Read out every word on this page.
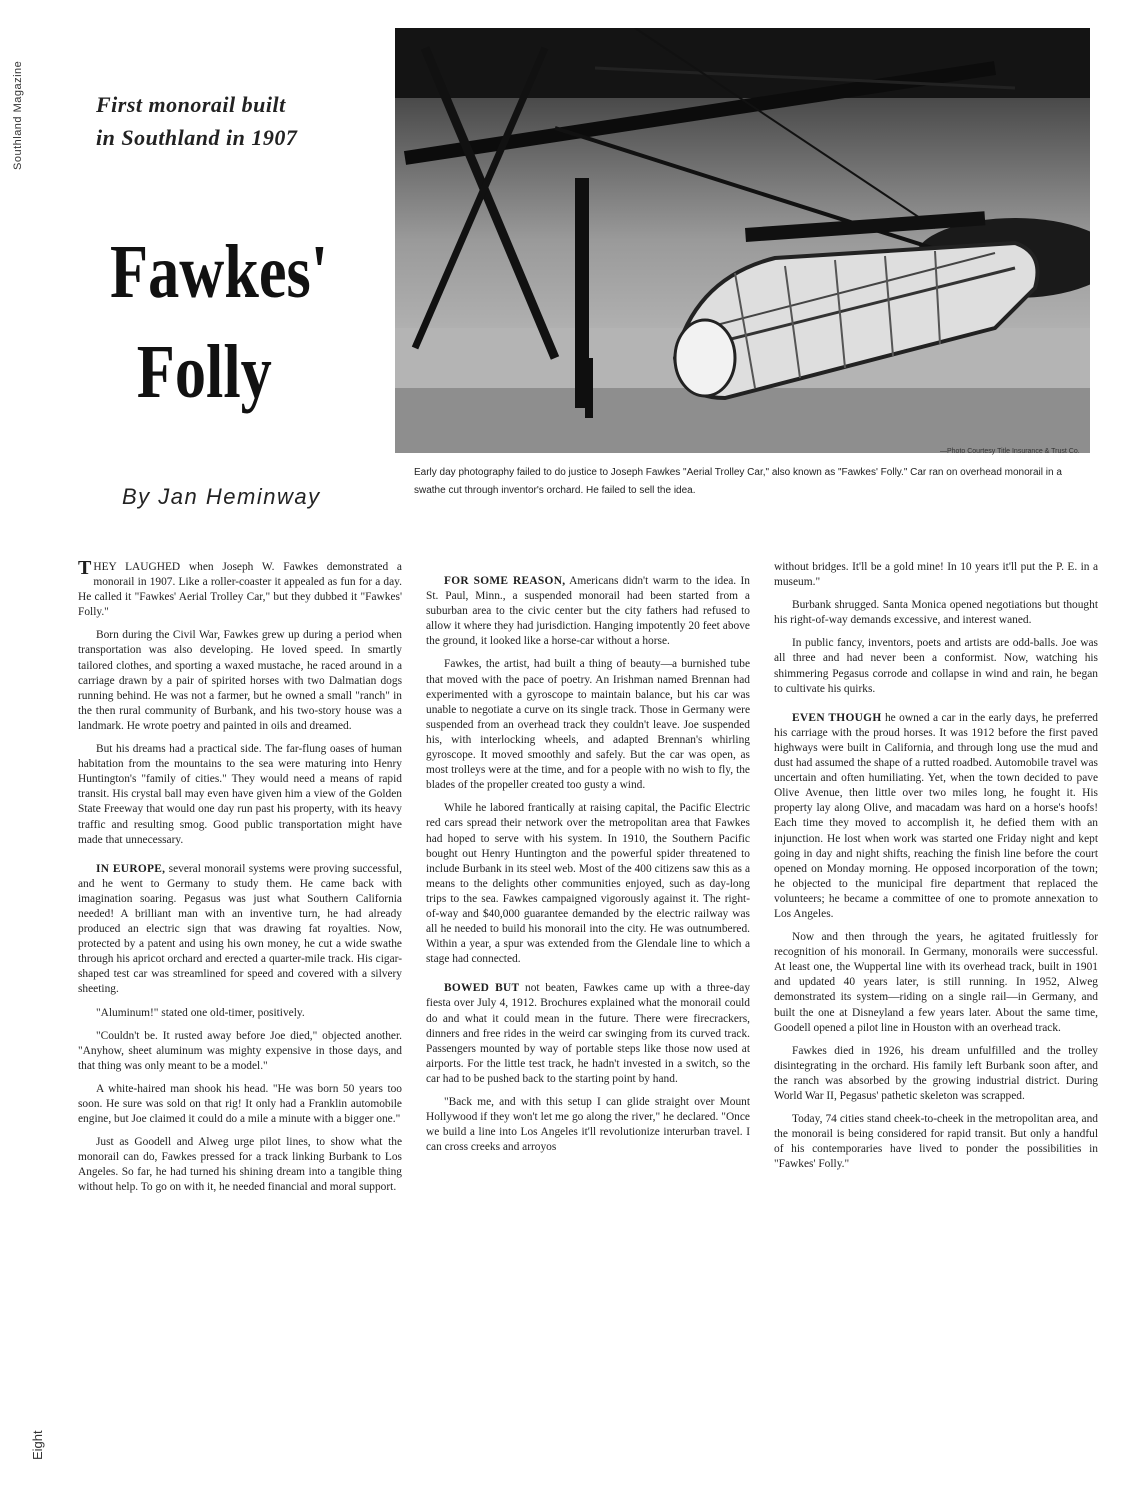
Southland Magazine	First monorail built
in Southland in 1907
Fawkes'
Folly
By Jan Heminway
—Photo Courtesy Title Insurance & Trust Co.
Early day photography failed to do justice to Joseph Fawkes "Aerial Trolley Car," also known as "Fawkes' Folly." Car ran on overhead monorail in a swathe cut through inventor's orchard. He failed to sell the idea.

THEY LAUGHED when Joseph W. Fawkes demonstrated a monorail in 1907. Like a roller-coaster it appealed as fun for a day. He called it "Fawkes' Aerial Trolley Car," but they dubbed it "Fawkes' Folly."

Born during the Civil War, Fawkes grew up during a period when transportation was also developing. He loved speed. In smartly tailored clothes, and sporting a waxed mustache, he raced around in a carriage drawn by a pair of spirited horses with two Dalmatian dogs running behind. He was not a farmer, but he owned a small "ranch" in the then rural community of Burbank, and his two-story house was a landmark. He wrote poetry and painted in oils and dreamed.

But his dreams had a practical side. The far-flung oases of human habitation from the mountains to the sea were maturing into Henry Huntington's "family of cities." They would need a means of rapid transit. His crystal ball may even have given him a view of the Golden State Freeway that would one day run past his property, with its heavy traffic and resulting smog. Good public transportation might have made that unnecessary.

IN EUROPE, several monorail systems were proving successful, and he went to Germany to study them. He came back with imagination soaring. Pegasus was just what Southern California needed! A brilliant man with an inventive turn, he had already produced an electric sign that was drawing fat royalties. Now, protected by a patent and using his own money, he cut a wide swathe through his apricot orchard and erected a quarter-mile track. His cigar-shaped test car was streamlined for speed and covered with a silvery sheeting.

"Aluminum!" stated one old-timer, positively.

"Couldn't be. It rusted away before Joe died," objected another. "Anyhow, sheet aluminum was mighty expensive in those days, and that thing was only meant to be a model."

A white-haired man shook his head. "He was born 50 years too soon. He sure was sold on that rig! It only had a Franklin automobile engine, but Joe claimed it could do a mile a minute with a bigger one."

Just as Goodell and Alweg urge pilot lines, to show what the monorail can do, Fawkes pressed for a track linking Burbank to Los Angeles. So far, he had turned his shining dream into a tangible thing without help. To go on with it, he needed financial and moral support.

FOR SOME REASON, Americans didn't warm to the idea. In St. Paul, Minn., a suspended monorail had been started from a suburban area to the civic center but the city fathers had refused to allow it where they had jurisdiction. Hanging impotently 20 feet above the ground, it looked like a horse-car without a horse.

Fawkes, the artist, had built a thing of beauty—a burnished tube that moved with the pace of poetry. An Irishman named Brennan had experimented with a gyroscope to maintain balance, but his car was unable to negotiate a curve on its single track. Those in Germany were suspended from an overhead track they couldn't leave. Joe suspended his, with interlocking wheels, and adapted Brennan's whirling gyroscope. It moved smoothly and safely. But the car was open, as most trolleys were at the time, and for a people with no wish to fly, the blades of the propeller created too gusty a wind.

While he labored frantically at raising capital, the Pacific Electric red cars spread their network over the metropolitan area that Fawkes had hoped to serve with his system. In 1910, the Southern Pacific bought out Henry Huntington and the powerful spider threatened to include Burbank in its steel web. Most of the 400 citizens saw this as a means to the delights other communities enjoyed, such as day-long trips to the sea. Fawkes campaigned vigorously against it. The right-of-way and $40,000 guarantee demanded by the electric railway was all he needed to build his monorail into the city. He was outnumbered. Within a year, a spur was extended from the Glendale line to which a stage had connected.

BOWED BUT not beaten, Fawkes came up with a three-day fiesta over July 4, 1912. Brochures explained what the monorail could do and what it could mean in the future. There were firecrackers, dinners and free rides in the weird car swinging from its curved track. Passengers mounted by way of portable steps like those now used at airports. For the little test track, he hadn't invested in a switch, so the car had to be pushed back to the starting point by hand.

"Back me, and with this setup I can glide straight over Mount Hollywood if they won't let me go along the river," he declared. "Once we build a line into Los Angeles it'll revolutionize interurban travel. I can cross creeks and arroyos

without bridges. It'll be a gold mine! In 10 years it'll put the P. E. in a museum."

Burbank shrugged. Santa Monica opened negotiations but thought his right-of-way demands excessive, and interest waned.

In public fancy, inventors, poets and artists are odd-balls. Joe was all three and had never been a conformist. Now, watching his shimmering Pegasus corrode and collapse in wind and rain, he began to cultivate his quirks.

EVEN THOUGH he owned a car in the early days, he preferred his carriage with the proud horses. It was 1912 before the first paved highways were built in California, and through long use the mud and dust had assumed the shape of a rutted roadbed. Automobile travel was uncertain and often humiliating. Yet, when the town decided to pave Olive Avenue, then little over two miles long, he fought it. His property lay along Olive, and macadam was hard on a horse's hoofs! Each time they moved to accomplish it, he defied them with an injunction. He lost when work was started one Friday night and kept going in day and night shifts, reaching the finish line before the court opened on Monday morning. He opposed incorporation of the town; he objected to the municipal fire department that replaced the volunteers; he became a committee of one to promote annexation to Los Angeles.

Now and then through the years, he agitated fruitlessly for recognition of his monorail. In Germany, monorails were successful. At least one, the Wuppertal line with its overhead track, built in 1901 and updated 40 years later, is still running. In 1952, Alweg demonstrated its system—riding on a single rail—in Germany, and built the one at Disneyland a few years later. About the same time, Goodell opened a pilot line in Houston with an overhead track.

Fawkes died in 1926, his dream unfulfilled and the trolley disintegrating in the orchard. His family left Burbank soon after, and the ranch was absorbed by the growing industrial district. During World War II, Pegasus' pathetic skeleton was scrapped.

Today, 74 cities stand cheek-to-cheek in the metropolitan area, and the monorail is being considered for rapid transit. But only a handful of his contemporaries have lived to ponder the possibilities in "Fawkes' Folly."

Eight
